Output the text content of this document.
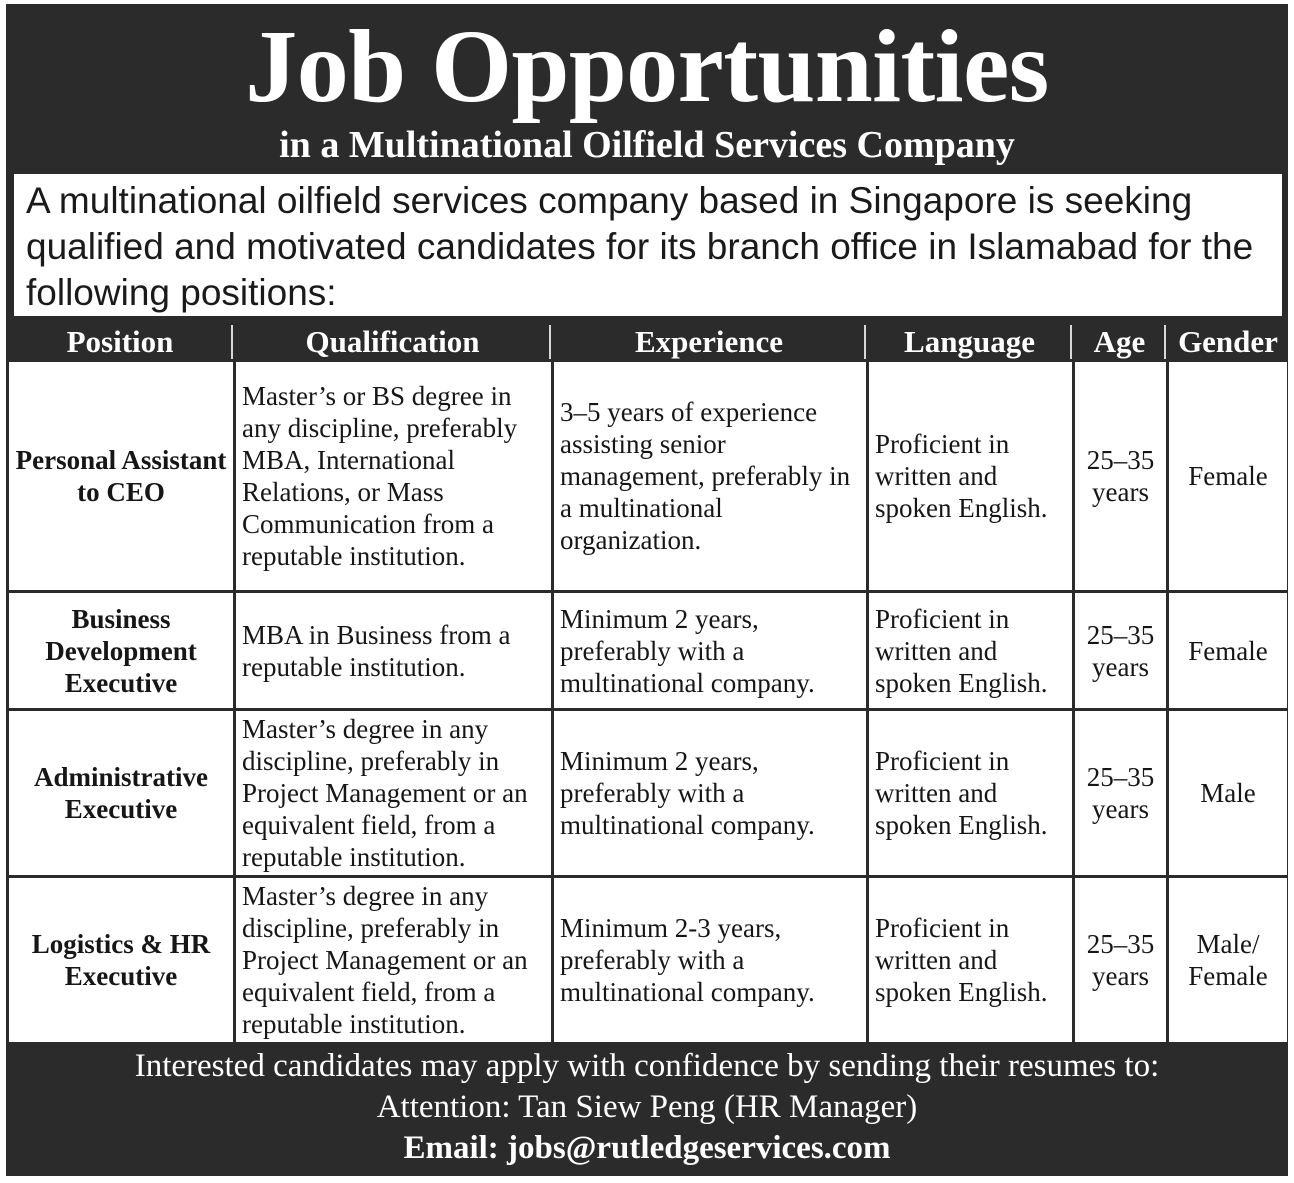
Job Opportunities
in a Multinational Oilfield Services Company
A multinational oilfield services company based in Singapore is seeking qualified and motivated candidates for its branch office in Islamabad for the following positions:
Position	Qualification	Experience	Language	Age	Gender
Personal Assistant to CEO	Master’s or BS degree in any discipline, preferably MBA, International Relations, or Mass Communication from a reputable institution.	3–5 years of experience assisting senior management, preferably in a multinational organization.	Proficient in written and spoken English.	25–35 years	Female
Business Development Executive	MBA in Business from a reputable institution.	Minimum 2 years, preferably with a multinational company.	Proficient in written and spoken English.	25–35 years	Female
Administrative Executive	Master’s degree in any discipline, preferably in Project Management or an equivalent field, from a reputable institution.	Minimum 2 years, preferably with a multinational company.	Proficient in written and spoken English.	25–35 years	Male
Logistics & HR Executive	Master’s degree in any discipline, preferably in Project Management or an equivalent field, from a reputable institution.	Minimum 2-3 years, preferably with a multinational company.	Proficient in written and spoken English.	25–35 years	Male/ Female
Interested candidates may apply with confidence by sending their resumes to:
Attention: Tan Siew Peng (HR Manager)
Email: jobs@rutledgeservices.com
